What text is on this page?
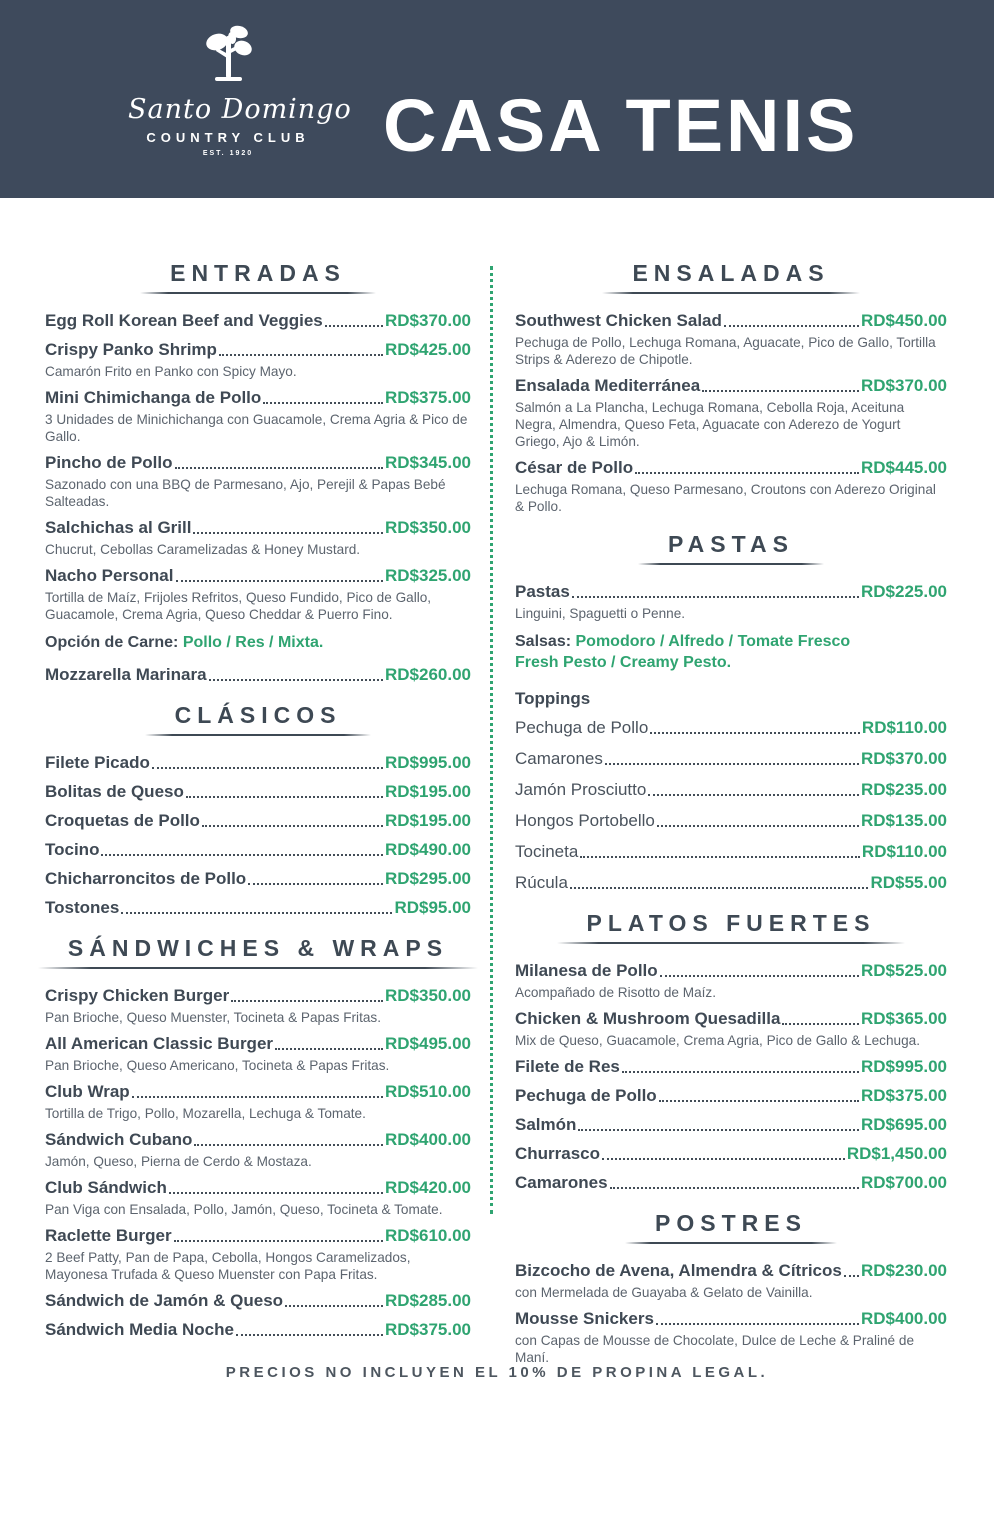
Santo Domingo
COUNTRY CLUB
EST. 1920	CASA TENIS
ENTRADAS
Egg Roll Korean Beef and Veggies	RD$370.00
Crispy Panko Shrimp	RD$425.00

Camarón Frito en Panko con Spicy Mayo.

Mini Chimichanga de Pollo	RD$375.00

3 Unidades de Minichichanga con Guacamole, Crema Agria & Pico de Gallo.

Pincho de Pollo	RD$345.00

Sazonado con una BBQ de Parmesano, Ajo, Perejil & Papas Bebé Salteadas.

Salchichas al Grill	RD$350.00

Chucrut, Cebollas Caramelizadas & Honey Mustard.

Nacho Personal	RD$325.00

Tortilla de Maíz, Frijoles Refritos, Queso Fundido, Pico de Gallo, Guacamole, Crema Agria, Queso Cheddar & Puerro Fino.

Opción de Carne: Pollo / Res / Mixta.
Mozzarella Marinara	RD$260.00
CLÁSICOS
Filete Picado	RD$995.00
Bolitas de Queso	RD$195.00
Croquetas de Pollo	RD$195.00
Tocino	RD$490.00
Chicharroncitos de Pollo	RD$295.00
Tostones	RD$95.00
SÁNDWICHES & WRAPS
Crispy Chicken Burger	RD$350.00

Pan Brioche, Queso Muenster, Tocineta & Papas Fritas.

All American Classic Burger	RD$495.00

Pan Brioche, Queso Americano, Tocineta & Papas Fritas.

Club Wrap	RD$510.00

Tortilla de Trigo, Pollo, Mozarella, Lechuga & Tomate.

Sándwich Cubano	RD$400.00

Jamón, Queso, Pierna de Cerdo & Mostaza.

Club Sándwich	RD$420.00

Pan Viga con Ensalada, Pollo, Jamón, Queso, Tocineta & Tomate.

Raclette Burger	RD$610.00

2 Beef Patty, Pan de Papa, Cebolla, Hongos Caramelizados, Mayonesa Trufada & Queso Muenster con Papa Fritas.

Sándwich de Jamón & Queso	RD$285.00
Sándwich Media Noche	RD$375.00
ENSALADAS
Southwest Chicken Salad	RD$450.00

Pechuga de Pollo, Lechuga Romana, Aguacate, Pico de Gallo, Tortilla Strips & Aderezo de Chipotle.

Ensalada Mediterránea	RD$370.00

Salmón a La Plancha, Lechuga Romana, Cebolla Roja, Aceituna Negra, Almendra, Queso Feta, Aguacate con Aderezo de Yogurt Griego, Ajo & Limón.

César de Pollo	RD$445.00

Lechuga Romana, Queso Parmesano, Croutons con Aderezo Original & Pollo.

PASTAS
Pastas	RD$225.00

Linguini, Spaguetti o Penne.

Salsas: Pomodoro / Alfredo / Tomate Fresco
Fresh Pesto / Creamy Pesto.
Toppings
Pechuga de Pollo	RD$110.00
Camarones	RD$370.00
Jamón Prosciutto	RD$235.00
Hongos Portobello	RD$135.00
Tocineta	RD$110.00
Rúcula	RD$55.00
PLATOS FUERTES
Milanesa de Pollo	RD$525.00

Acompañado de Risotto de Maíz.

Chicken & Mushroom Quesadilla	RD$365.00

Mix de Queso, Guacamole, Crema Agria, Pico de Gallo & Lechuga.

Filete de Res	RD$995.00
Pechuga de Pollo	RD$375.00
Salmón	RD$695.00
Churrasco	RD$1,450.00
Camarones	RD$700.00
POSTRES
Bizcocho de Avena, Almendra & Cítricos RD$230.00

con Mermelada de Guayaba & Gelato de Vainilla.

Mousse Snickers	RD$400.00

con Capas de Mousse de Chocolate, Dulce de Leche & Praliné de Maní.

PRECIOS NO INCLUYEN EL 10% DE PROPINA LEGAL.
